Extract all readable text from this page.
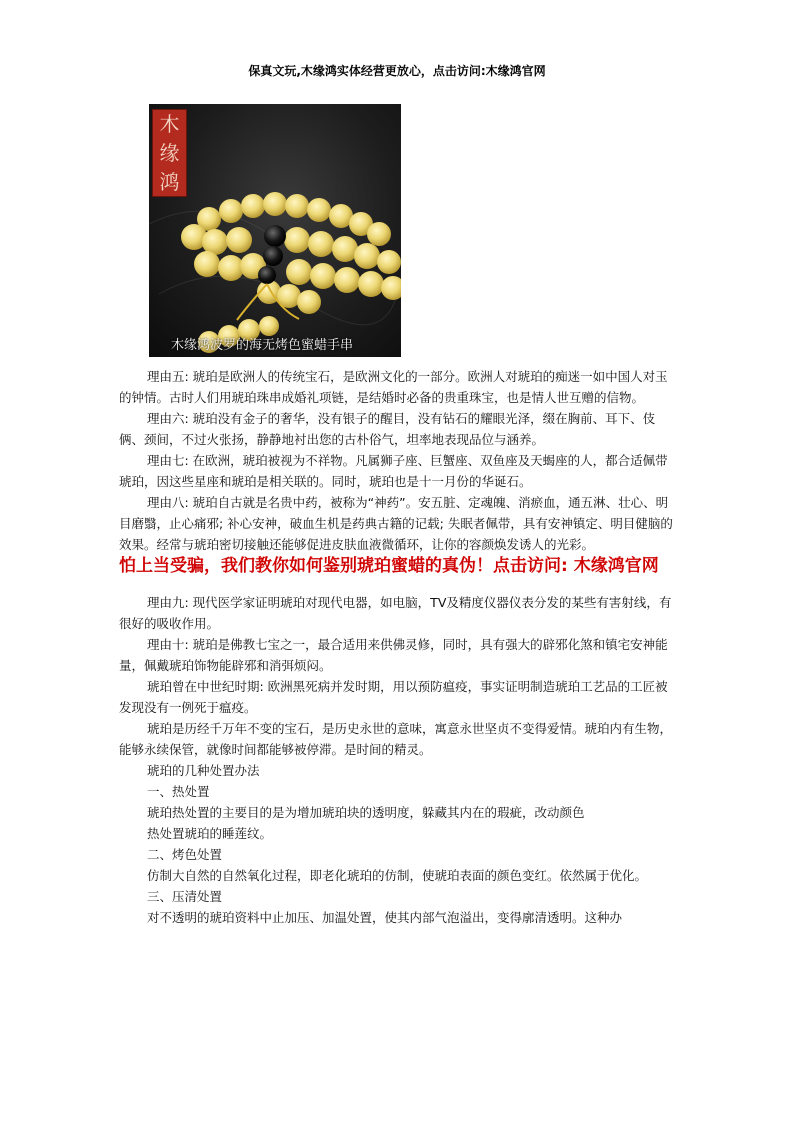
保真文玩,木缘鸿实体经营更放心，点击访问:木缘鸿官网
木
缘
鸿
木缘鸿波罗的海无烤色蜜蜡手串

理由五: 琥珀是欧洲人的传统宝石，是欧洲文化的一部分。欧洲人对琥珀的痴迷一如中国人对玉的钟情。古时人们用琥珀珠串成婚礼项链，是结婚时必备的贵重珠宝，也是情人世互赠的信物。

理由六: 琥珀没有金子的奢华，没有银子的醒目，没有钻石的耀眼光泽，缀在胸前、耳下、伎俩、颈间，不过火张扬，静静地衬出您的古朴俗气，坦率地表现品位与涵养。

理由七: 在欧洲，琥珀被视为不祥物。凡属狮子座、巨蟹座、双鱼座及天蝎座的人，都合适佩带琥珀，因这些星座和琥珀是相关联的。同时，琥珀也是十一月份的华诞石。

理由八: 琥珀自古就是名贵中药，被称为“神药”。安五脏、定魂魄、消瘀血，通五淋、壮心、明目磨翳，止心痛邪; 补心安神，破血生机是药典古籍的记载; 失眠者佩带，具有安神镇定、明目健脑的效果。经常与琥珀密切接触还能够促进皮肤血液微循环，让你的容颜焕发诱人的光彩。

怕上当受骗，我们教你如何鉴别琥珀蜜蜡的真伪！点击访问: 木缘鸿官网

理由九: 现代医学家证明琥珀对现代电器，如电脑，TV及精度仪器仪表分发的某些有害射线，有很好的吸收作用。

理由十: 琥珀是佛教七宝之一，最合适用来供佛灵修，同时，具有强大的辟邪化煞和镇宅安神能量，佩戴琥珀饰物能辟邪和消弭烦闷。

琥珀曾在中世纪时期: 欧洲黑死病并发时期，用以预防瘟疫，事实证明制造琥珀工艺品的工匠被发现没有一例死于瘟疫。

琥珀是历经千万年不变的宝石，是历史永世的意味，寓意永世坚贞不变得爱情。琥珀内有生物，能够永续保管，就像时间都能够被停滞。是时间的精灵。

琥珀的几种处置办法

一、热处置

琥珀热处置的主要目的是为增加琥珀块的透明度，躲藏其内在的瑕疵，改动颜色

热处置琥珀的睡莲纹。

二、烤色处置

仿制大自然的自然氧化过程，即老化琥珀的仿制，使琥珀表面的颜色变红。依然属于优化。

三、压清处置

对不透明的琥珀资料中止加压、加温处置，使其内部气泡溢出，变得廓清透明。这种办
